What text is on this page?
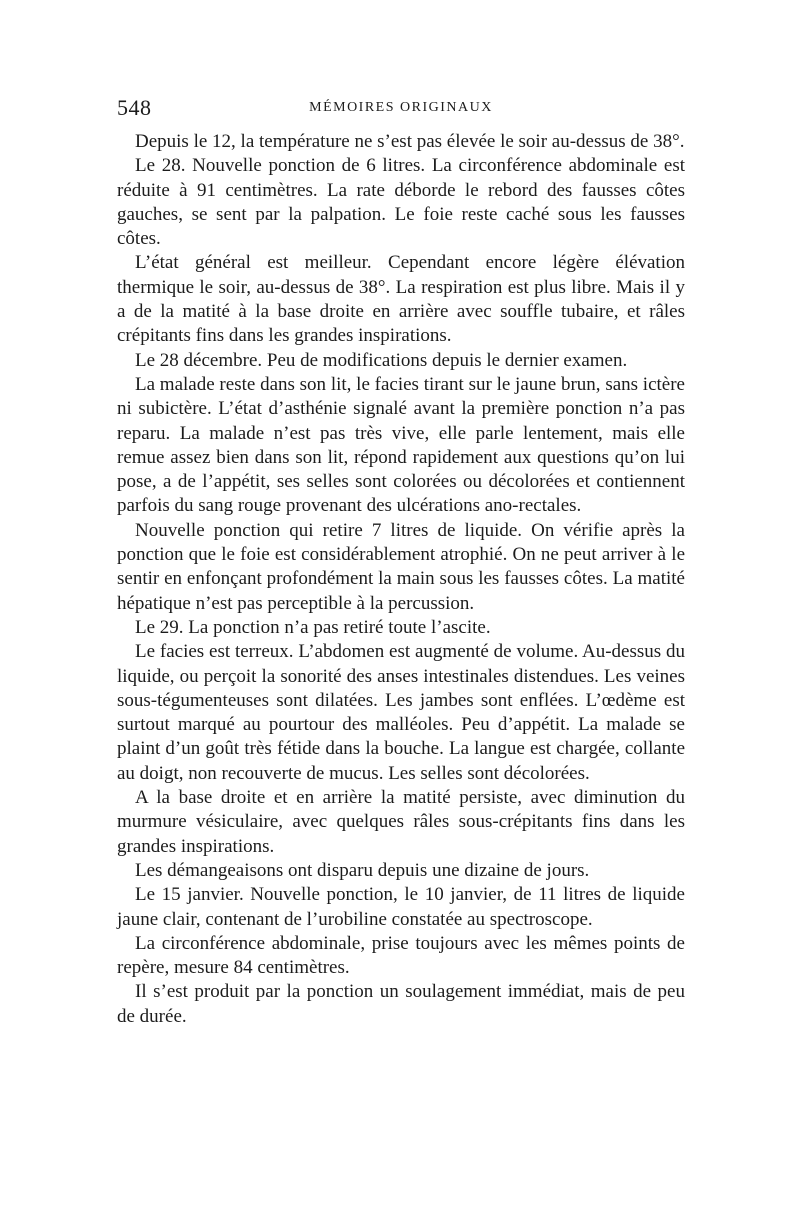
548	MÉMOIRES ORIGINAUX

Depuis le 12, la température ne s’est pas élevée le soir au-dessus de 38°.

Le 28. Nouvelle ponction de 6 litres. La circonférence abdominale est réduite à 91 centimètres. La rate déborde le rebord des fausses côtes gauches, se sent par la palpation. Le foie reste caché sous les fausses côtes.

L’état général est meilleur. Cependant encore légère élévation thermique le soir, au-dessus de 38°. La respiration est plus libre. Mais il y a de la matité à la base droite en arrière avec souffle tubaire, et râles crépitants fins dans les grandes inspirations.

Le 28 décembre. Peu de modifications depuis le dernier examen.

La malade reste dans son lit, le facies tirant sur le jaune brun, sans ictère ni subictère. L’état d’asthénie signalé avant la première ponction n’a pas reparu. La malade n’est pas très vive, elle parle lentement, mais elle remue assez bien dans son lit, répond rapidement aux questions qu’on lui pose, a de l’appétit, ses selles sont colorées ou décolorées et contiennent parfois du sang rouge provenant des ulcérations ano-rectales.

Nouvelle ponction qui retire 7 litres de liquide. On vérifie après la ponction que le foie est considérablement atrophié. On ne peut arriver à le sentir en enfonçant profondément la main sous les fausses côtes. La matité hépatique n’est pas perceptible à la percussion.

Le 29. La ponction n’a pas retiré toute l’ascite.

Le facies est terreux. L’abdomen est augmenté de volume. Au-dessus du liquide, ou perçoit la sonorité des anses intestinales distendues. Les veines sous-tégumenteuses sont dilatées. Les jambes sont enflées. L’œdème est surtout marqué au pourtour des malléoles. Peu d’appétit. La malade se plaint d’un goût très fétide dans la bouche. La langue est chargée, collante au doigt, non recouverte de mucus. Les selles sont décolorées.

A la base droite et en arrière la matité persiste, avec diminution du murmure vésiculaire, avec quelques râles sous-crépitants fins dans les grandes inspirations.

Les démangeaisons ont disparu depuis une dizaine de jours.

Le 15 janvier. Nouvelle ponction, le 10 janvier, de 11 litres de liquide jaune clair, contenant de l’urobiline constatée au spectroscope.

La circonférence abdominale, prise toujours avec les mêmes points de repère, mesure 84 centimètres.

Il s’est produit par la ponction un soulagement immédiat, mais de peu de durée.
